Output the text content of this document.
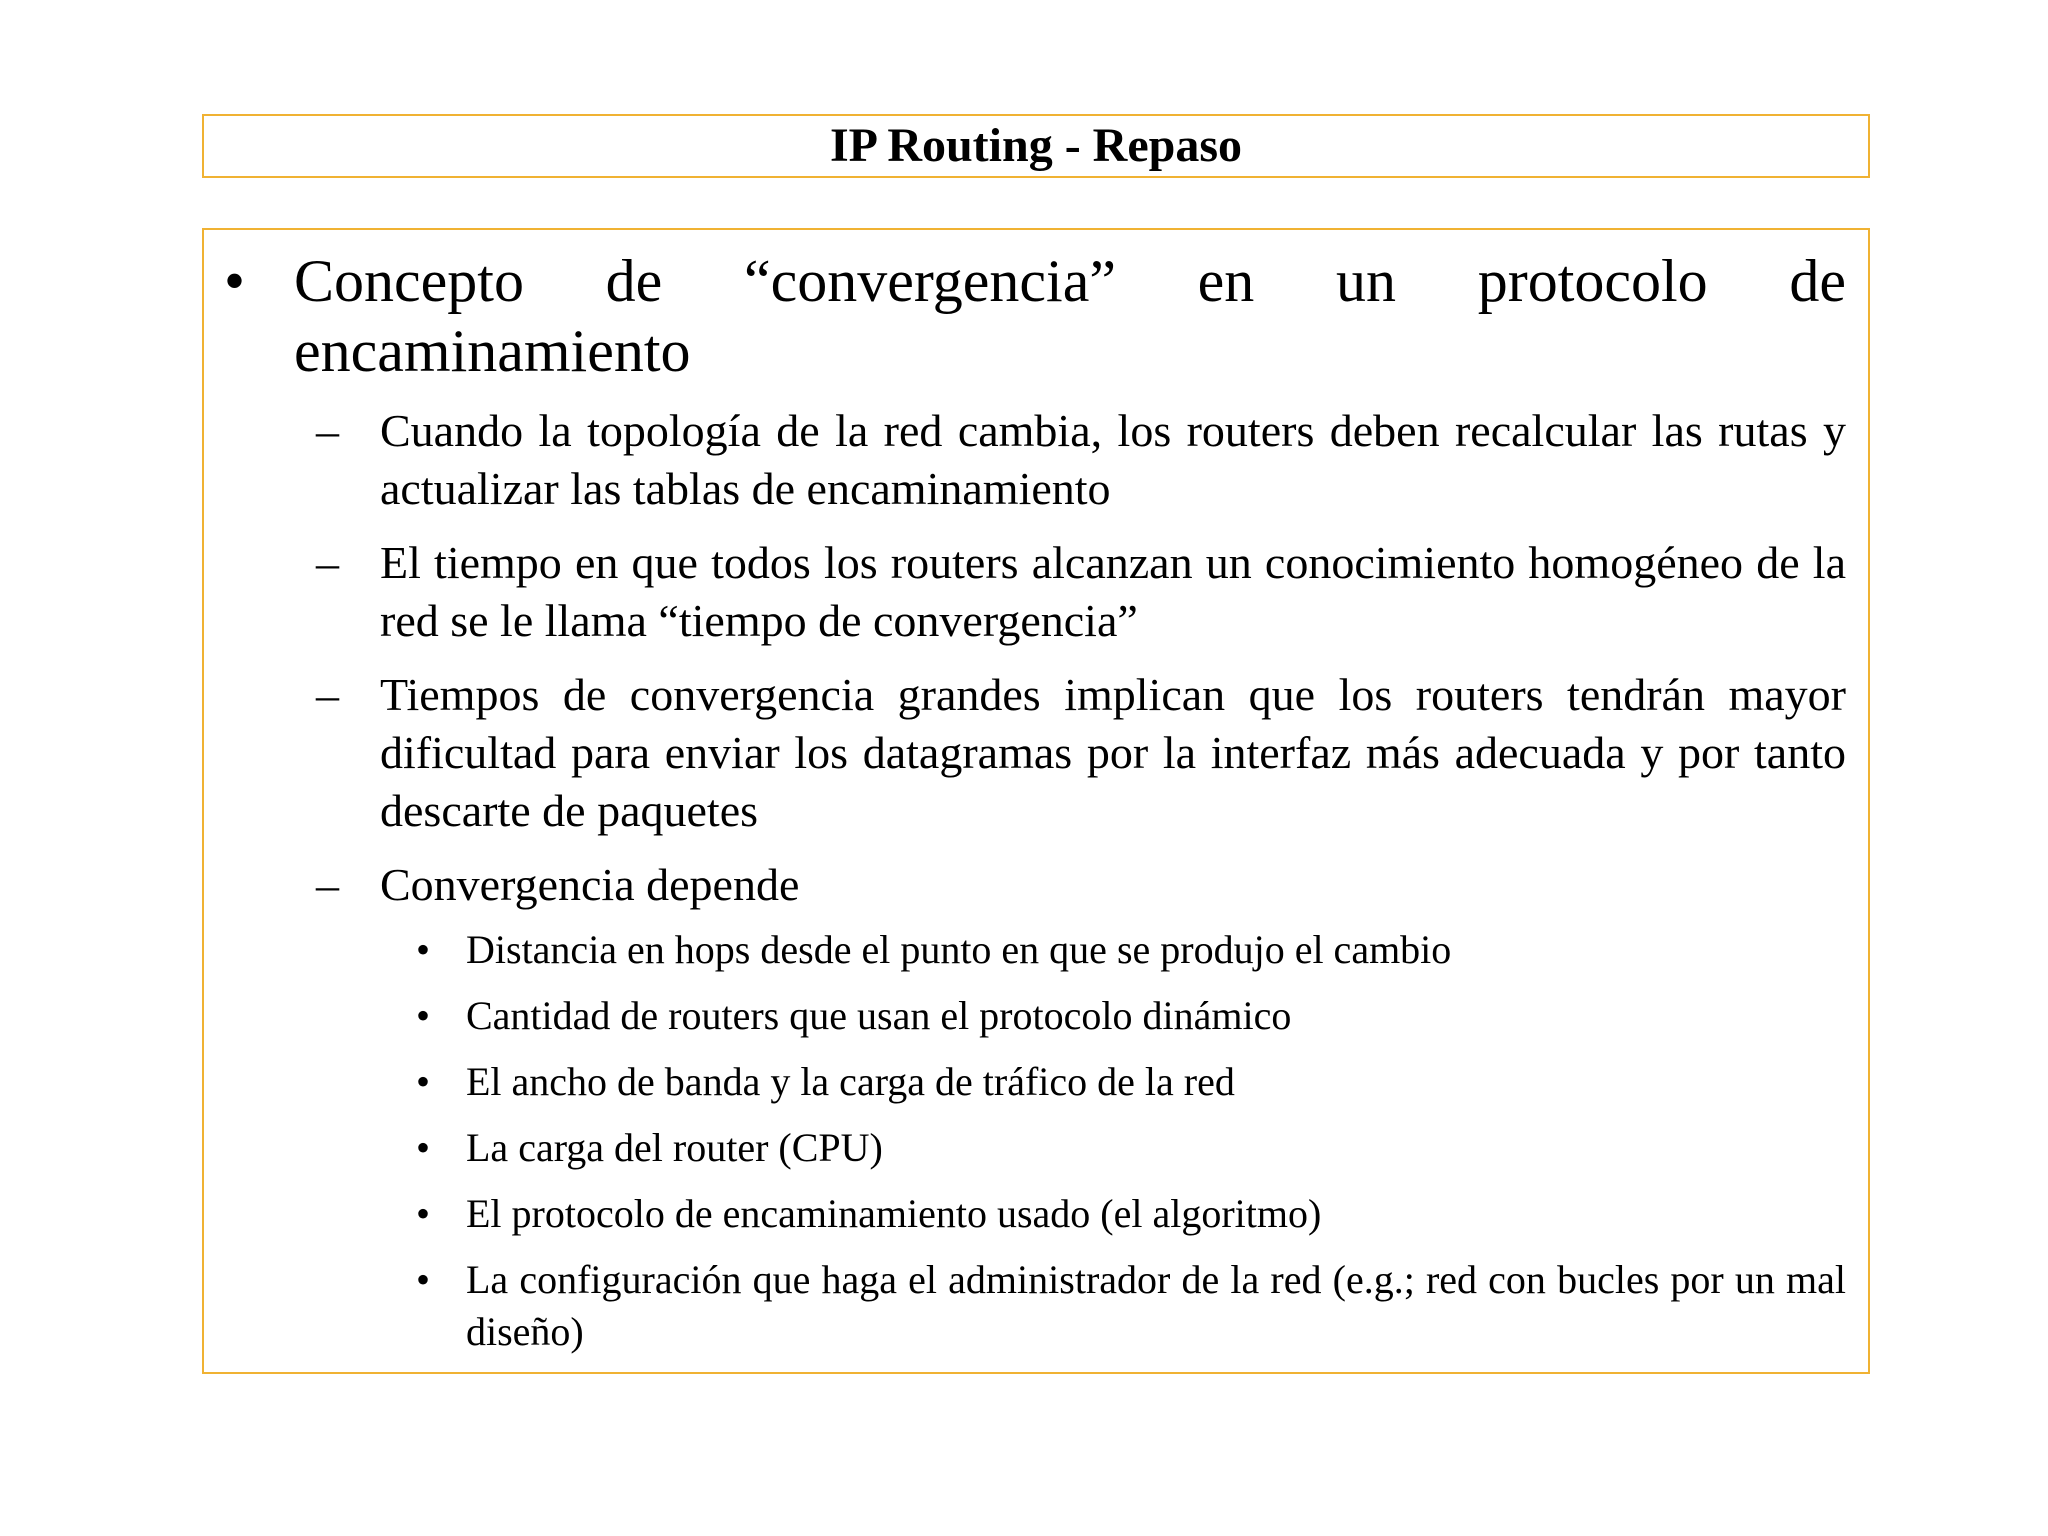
IP Routing - Repaso
• Concepto de “convergencia” en un protocolo de encaminamiento
– Cuando la topología de la red cambia, los routers deben recalcular las rutas y actualizar las tablas de encaminamiento
– El tiempo en que todos los routers alcanzan un conocimiento homogéneo de la red se le llama “tiempo de convergencia”
– Tiempos de convergencia grandes implican que los routers tendrán mayor dificultad para enviar los datagramas por la interfaz más adecuada y por tanto descarte de paquetes
– Convergencia depende
• Distancia en hops desde el punto en que se produjo el cambio
• Cantidad de routers que usan el protocolo dinámico
• El ancho de banda y la carga de tráfico de la red
• La carga del router (CPU)
• El protocolo de encaminamiento usado (el algoritmo)
• La configuración que haga el administrador de la red (e.g.; red con bucles por un mal diseño)
